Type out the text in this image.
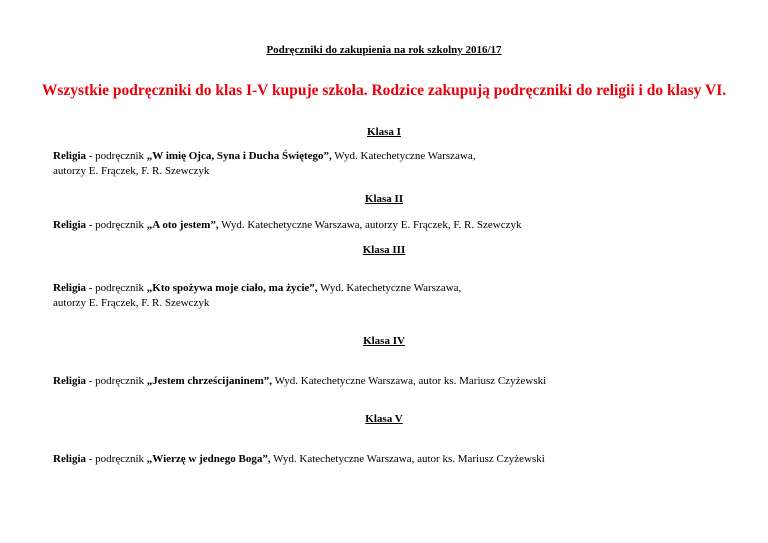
Podręczniki do zakupienia na rok szkolny 2016/17
Wszystkie podręczniki do klas I-V kupuje szkoła. Rodzice zakupują podręczniki do religii i do klasy VI.
Klasa I
Religia - podręcznik „W imię Ojca, Syna i Ducha Świętego”, Wyd. Katechetyczne Warszawa,
autorzy E. Frączek, F. R. Szewczyk
Klasa II
Religia - podręcznik „A oto jestem”, Wyd. Katechetyczne Warszawa, autorzy E. Frączek, F. R. Szewczyk
Klasa III
Religia - podręcznik „Kto spożywa moje ciało, ma życie”, Wyd. Katechetyczne Warszawa,
autorzy E. Frączek, F. R. Szewczyk
Klasa IV
Religia - podręcznik „Jestem chrześcijaninem”, Wyd. Katechetyczne Warszawa, autor ks. Mariusz Czyżewski
Klasa V
Religia - podręcznik „Wierzę w jednego Boga”, Wyd. Katechetyczne Warszawa, autor ks. Mariusz Czyżewski
